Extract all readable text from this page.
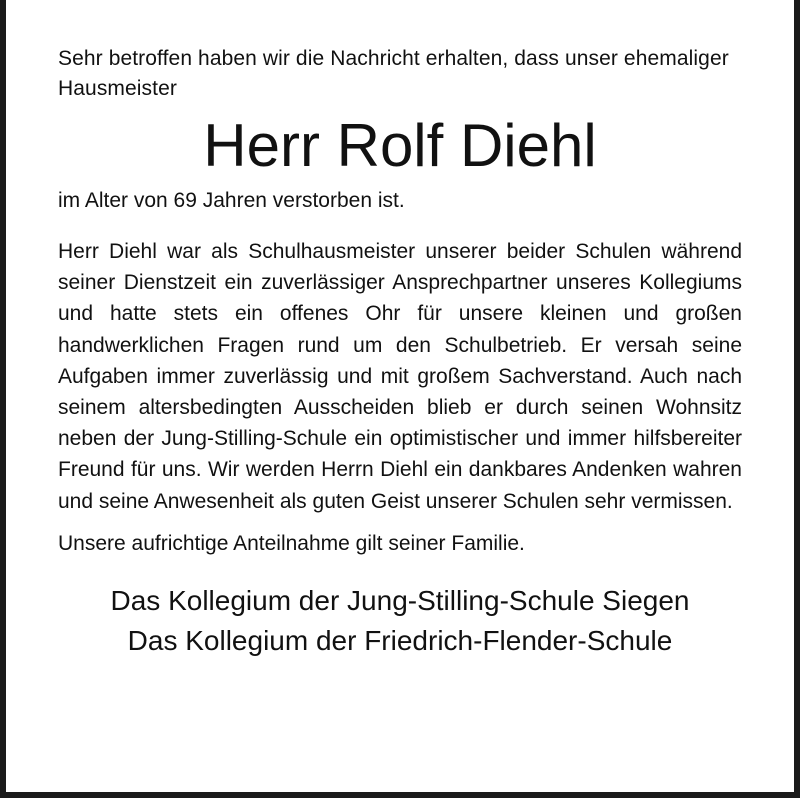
Sehr betroffen haben wir die Nachricht erhalten, dass unser ehemaliger Hausmeister

Herr Rolf Diehl

im Alter von 69 Jahren verstorben ist.

Herr Diehl war als Schulhausmeister unserer beider Schulen während seiner Dienstzeit ein zuverlässiger Ansprechpartner unseres Kollegiums und hatte stets ein offenes Ohr für unsere kleinen und großen handwerklichen Fragen rund um den Schulbetrieb. Er versah seine Aufgaben immer zuverlässig und mit großem Sachverstand. Auch nach seinem altersbedingten Ausscheiden blieb er durch seinen Wohnsitz neben der Jung-Stilling-Schule ein optimistischer und immer hilfsbereiter Freund für uns. Wir werden Herrn Diehl ein dankbares Andenken wahren und seine Anwesenheit als guten Geist unserer Schulen sehr vermissen.

Unsere aufrichtige Anteilnahme gilt seiner Familie.

Das Kollegium der Jung-Stilling-Schule Siegen
Das Kollegium der Friedrich-Flender-Schule
